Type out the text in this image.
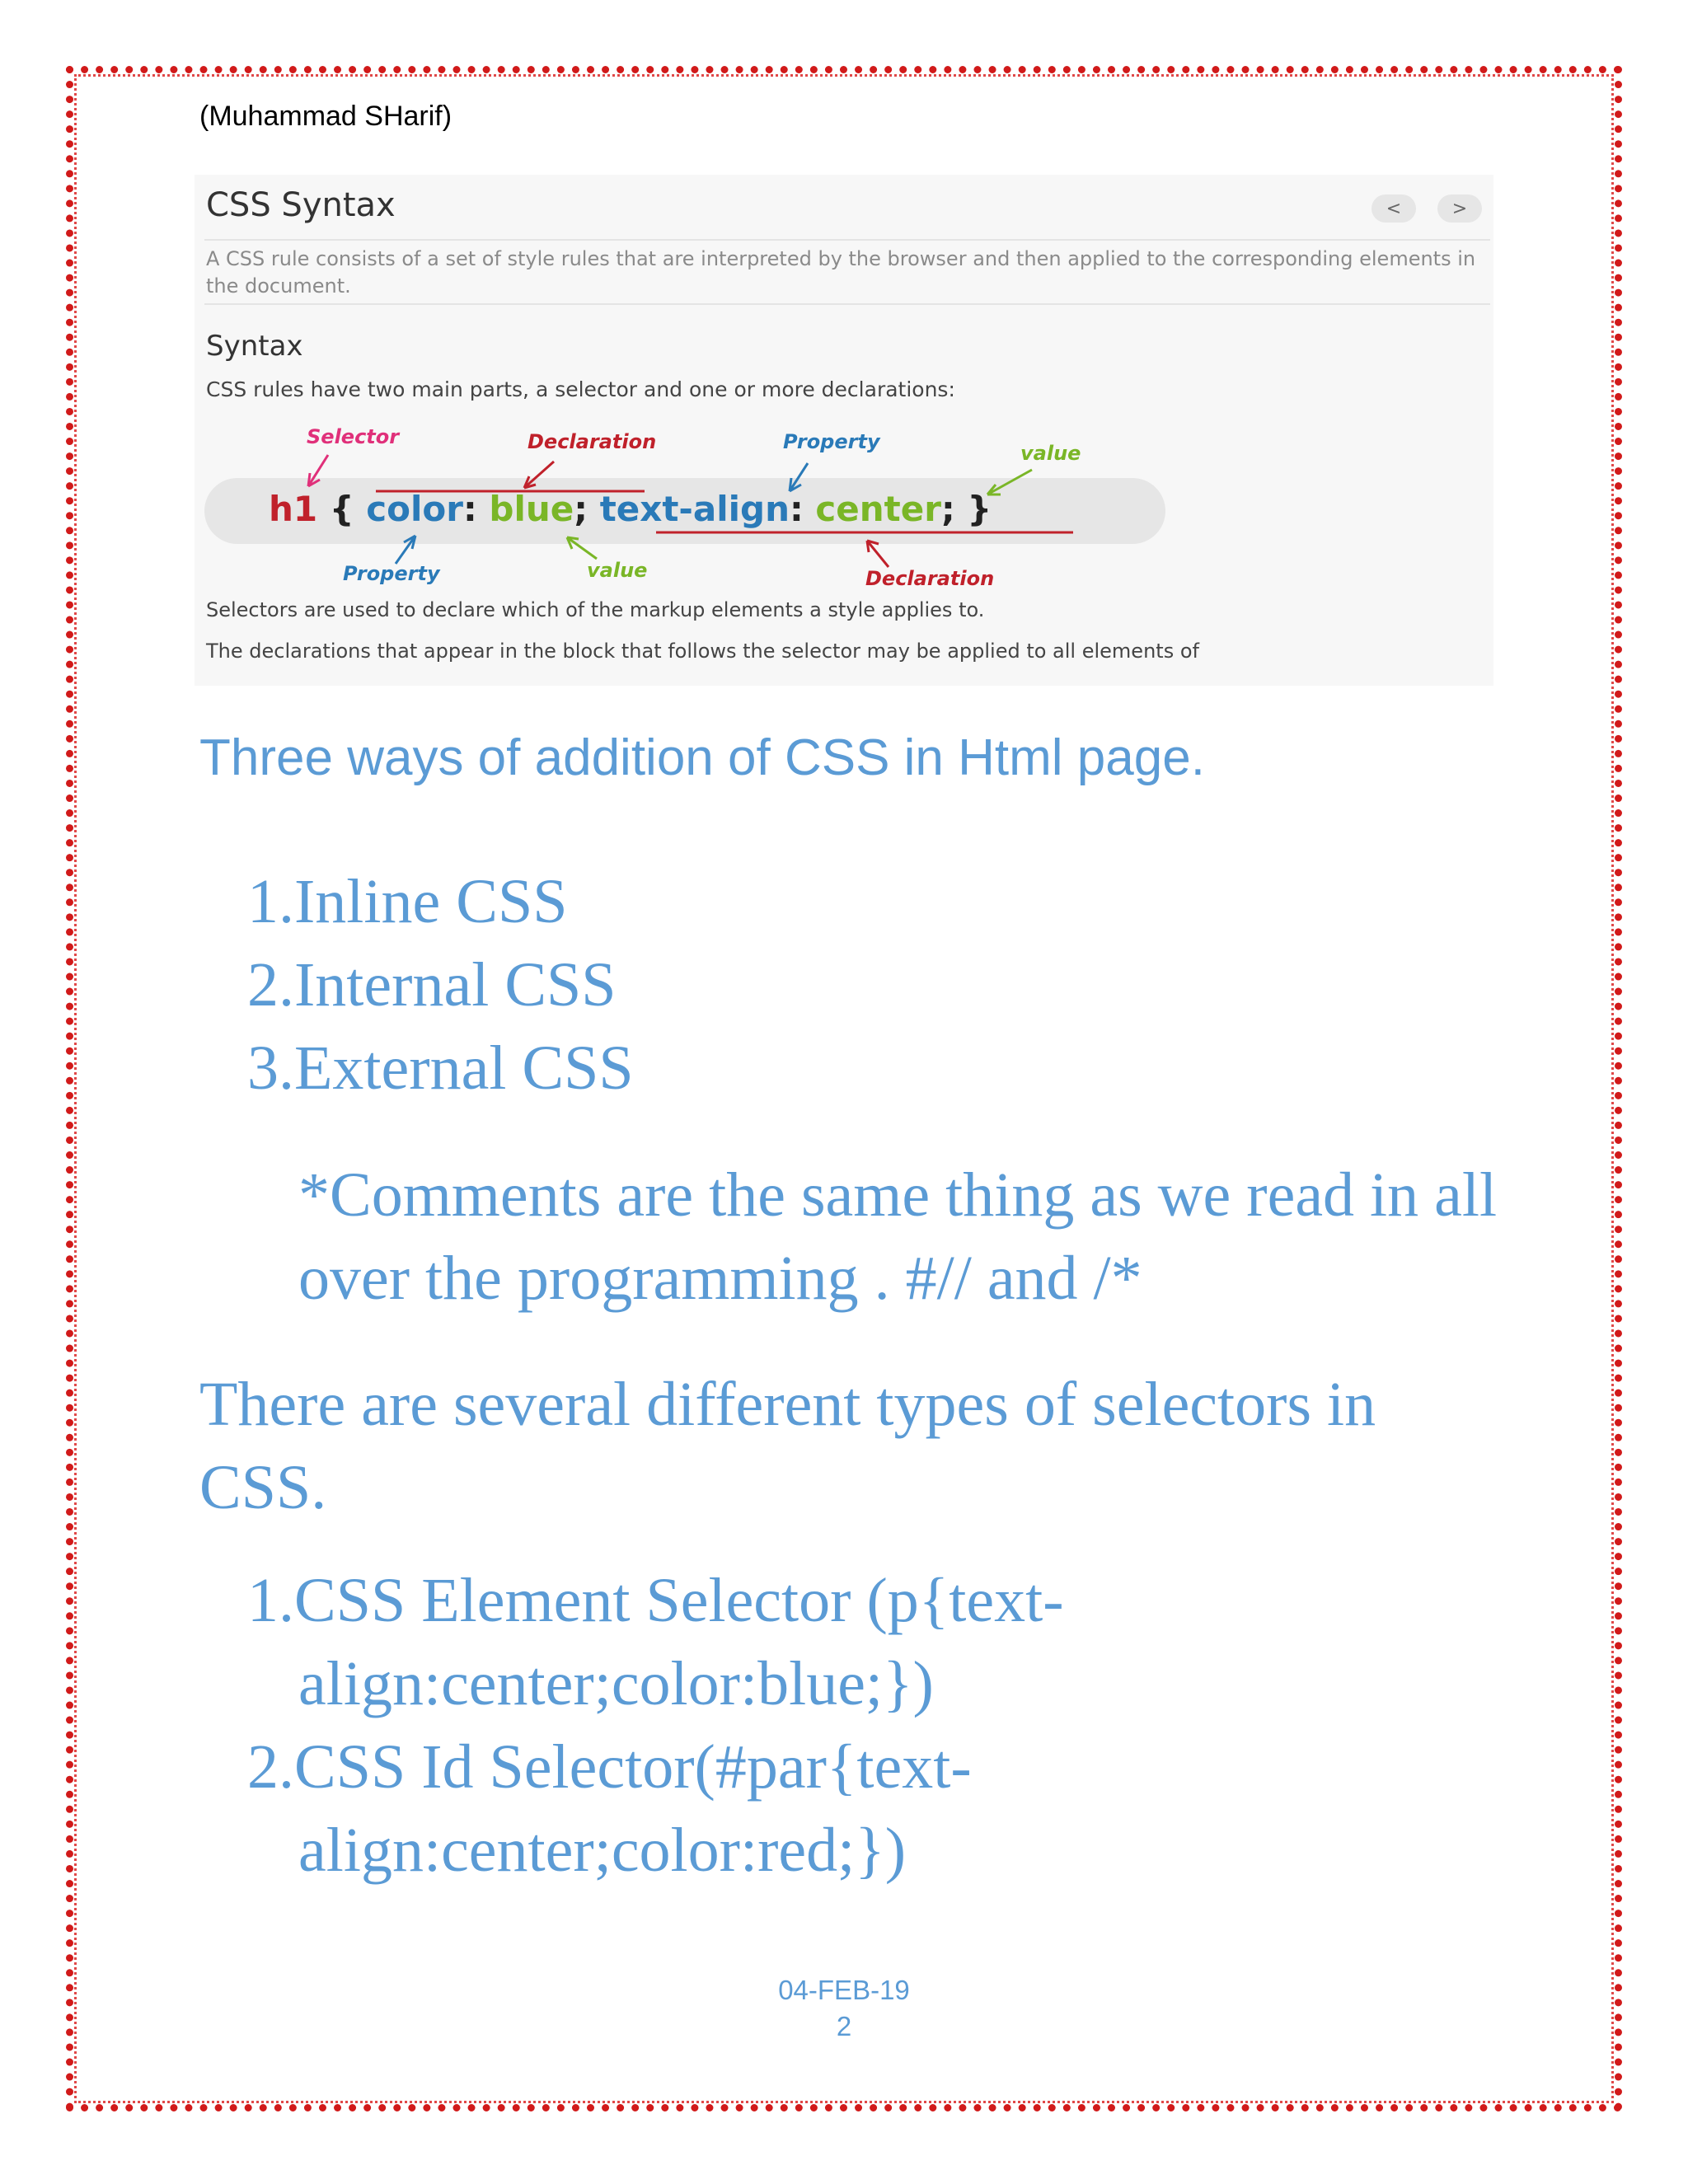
(Muhammad SHarif)
CSS Syntax	<	>
A CSS rule consists of a set of style rules that are interpreted by the browser and then applied to the corresponding elements in the document.
Syntax
CSS rules have two main parts, a selector and one or more declarations:
h1 { color: blue; text-align: center; }
Selector	Declaration	Property	value
Property	value	Declaration
Selectors are used to declare which of the markup elements a style applies to.
The declarations that appear in the block that follows the selector may be applied to all elements of
Three ways of addition of CSS in Html page.
1.Inline CSS
2.Internal CSS
3.External CSS

*Comments are the same thing as we read in all over the programming . #// and /*

There are several different types of selectors in CSS.

1.CSS Element Selector (p{text-
align:center;color:blue;})
2.CSS Id Selector(#par{text-
align:center;color:red;})
04-FEB-19
2
